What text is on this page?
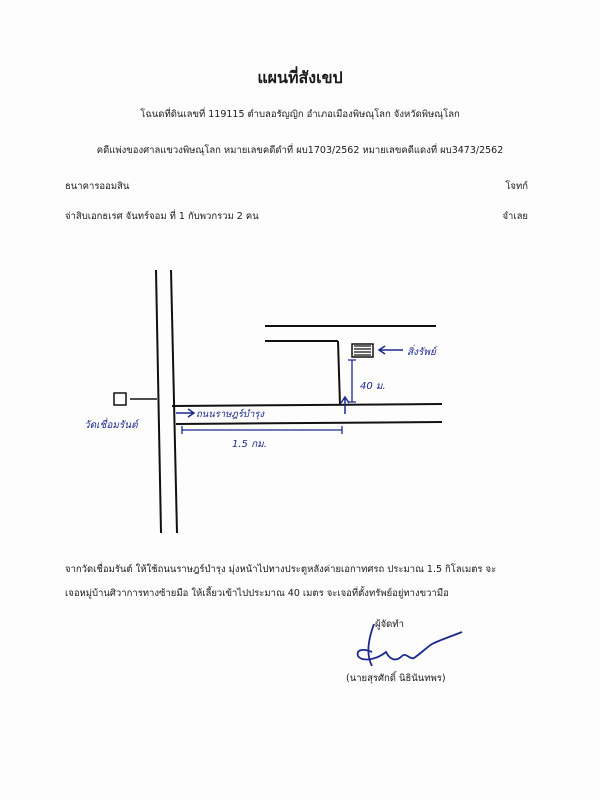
แผนที่สังเขป
โฉนดที่ดินเลขที่ 119115 ตำบลอรัญญิก อำเภอเมืองพิษณุโลก จังหวัดพิษณุโลก
คดีแพ่งของศาลแขวงพิษณุโลก หมายเลขคดีดำที่ ผบ1703/2562 หมายเลขคดีแดงที่ ผบ3473/2562
ธนาคารออมสิน	โจทก์
จ่าสิบเอกธเรศ จันทร์จอม ที่ 1 กับพวกรวม 2 คน	จำเลย
วัดเชื่อมรันต์
ถนนราษฎร์บำรุง
1.5 กม.
40 ม.
สิ่งรัพย์
จากวัดเชื่อมรันต์ ให้ใช้ถนนราษฎร์บำรุง มุ่งหน้าไปทางประตูหลังค่ายเอกาทศรถ ประมาณ 1.5 กิโลเมตร จะ
เจอหมู่บ้านศิวาการทางซ้ายมือ ให้เลี้ยวเข้าไปประมาณ 40 เมตร จะเจอที่ตั้งทรัพย์อยู่ทางขวามือ
ผู้จัดทำ
(นายสุรศักดิ์ นิธินันทพร)
